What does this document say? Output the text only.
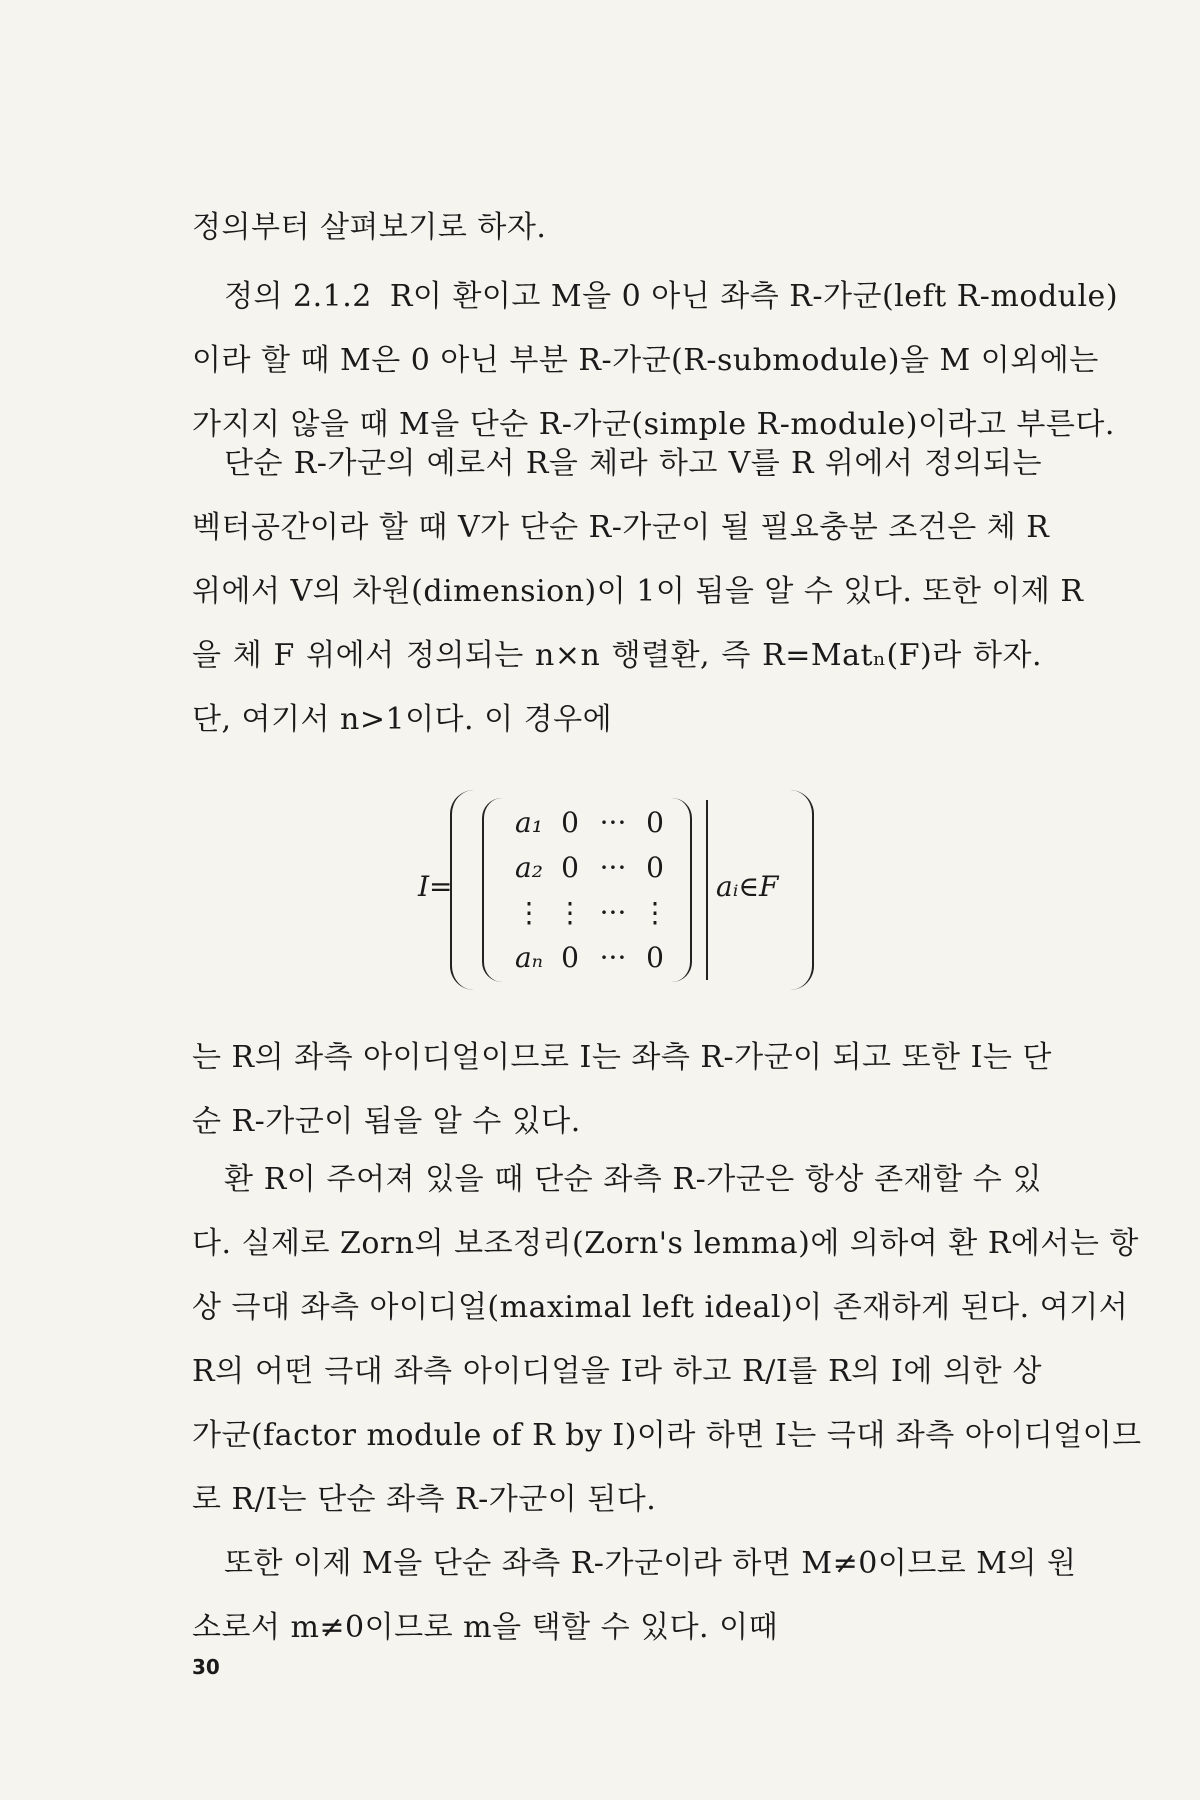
정의부터 살펴보기로 하자.
정의 2.1.2 R이 환이고 M을 0 아닌 좌측 R-가군(left R-module)
이라 할 때 M은 0 아닌 부분 R-가군(R-submodule)을 M 이외에는
가지지 않을 때 M을 단순 R-가군(simple R-module)이라고 부른다.
단순 R-가군의 예로서 R을 체라 하고 V를 R 위에서 정의되는
벡터공간이라 할 때 V가 단순 R-가군이 될 필요충분 조건은 체 R
위에서 V의 차원(dimension)이 1이 됨을 알 수 있다. 또한 이제 R
을 체 F 위에서 정의되는 n×n 행렬환, 즉 R=Matₙ(F)라 하자.
단, 여기서 n>1이다. 이 경우에
I=
a₁ 0 ··· 0
a₂ 0 ··· 0
⋮ ⋮ ··· ⋮
aₙ 0 ··· 0
aᵢ∈F
는 R의 좌측 아이디얼이므로 I는 좌측 R-가군이 되고 또한 I는 단
순 R-가군이 됨을 알 수 있다.
환 R이 주어져 있을 때 단순 좌측 R-가군은 항상 존재할 수 있
다. 실제로 Zorn의 보조정리(Zorn's lemma)에 의하여 환 R에서는 항
상 극대 좌측 아이디얼(maximal left ideal)이 존재하게 된다. 여기서
R의 어떤 극대 좌측 아이디얼을 I라 하고 R/I를 R의 I에 의한 상
가군(factor module of R by I)이라 하면 I는 극대 좌측 아이디얼이므
로 R/I는 단순 좌측 R-가군이 된다.
또한 이제 M을 단순 좌측 R-가군이라 하면 M≠0이므로 M의 원
소로서 m≠0이므로 m을 택할 수 있다. 이때
30
